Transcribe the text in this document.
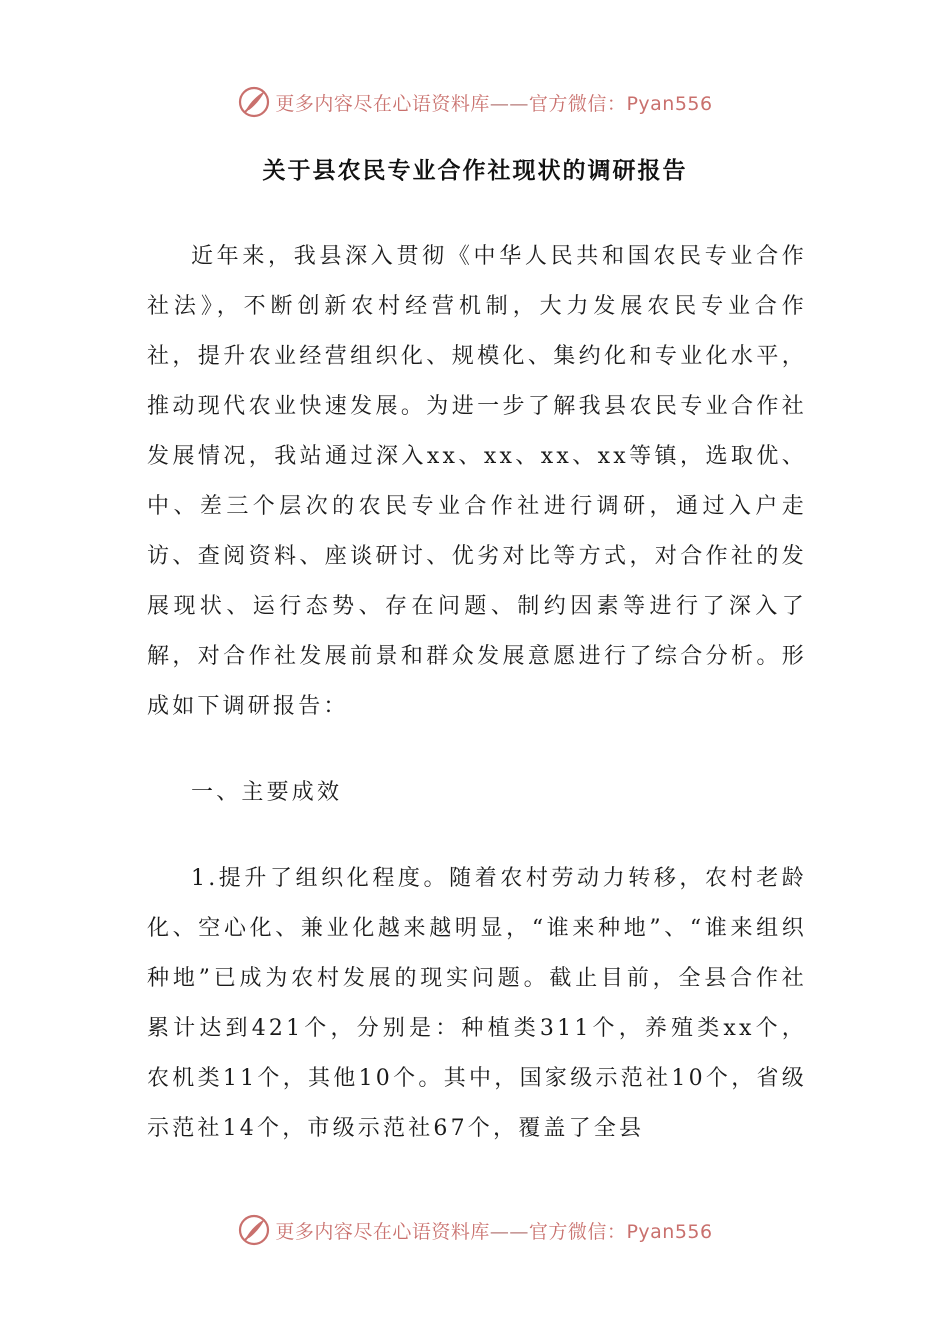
更多内容尽在心语资料库——官方微信：Pyan556
关于县农民专业合作社现状的调研报告

近年来，我县深入贯彻《中华人民共和国农民专业合作社法》，不断创新农村经营机制，大力发展农民专业合作社，提升农业经营组织化、规模化、集约化和专业化水平，推动现代农业快速发展。为进一步了解我县农民专业合作社发展情况，我站通过深入xx、xx、xx、xx等镇，选取优、中、差三个层次的农民专业合作社进行调研，通过入户走访、查阅资料、座谈研讨、优劣对比等方式，对合作社的发展现状、运行态势、存在问题、制约因素等进行了深入了解，对合作社发展前景和群众发展意愿进行了综合分析。形成如下调研报告：

一、主要成效

1.提升了组织化程度。随着农村劳动力转移，农村老龄化、空心化、兼业化越来越明显，“谁来种地”、“谁来组织种地”已成为农村发展的现实问题。截止目前，全县合作社累计达到421个，分别是：种植类311个，养殖类xx个，农机类11个，其他10个。其中，国家级示范社10个，省级示范社14个，市级示范社67个，覆盖了全县

更多内容尽在心语资料库——官方微信：Pyan556
